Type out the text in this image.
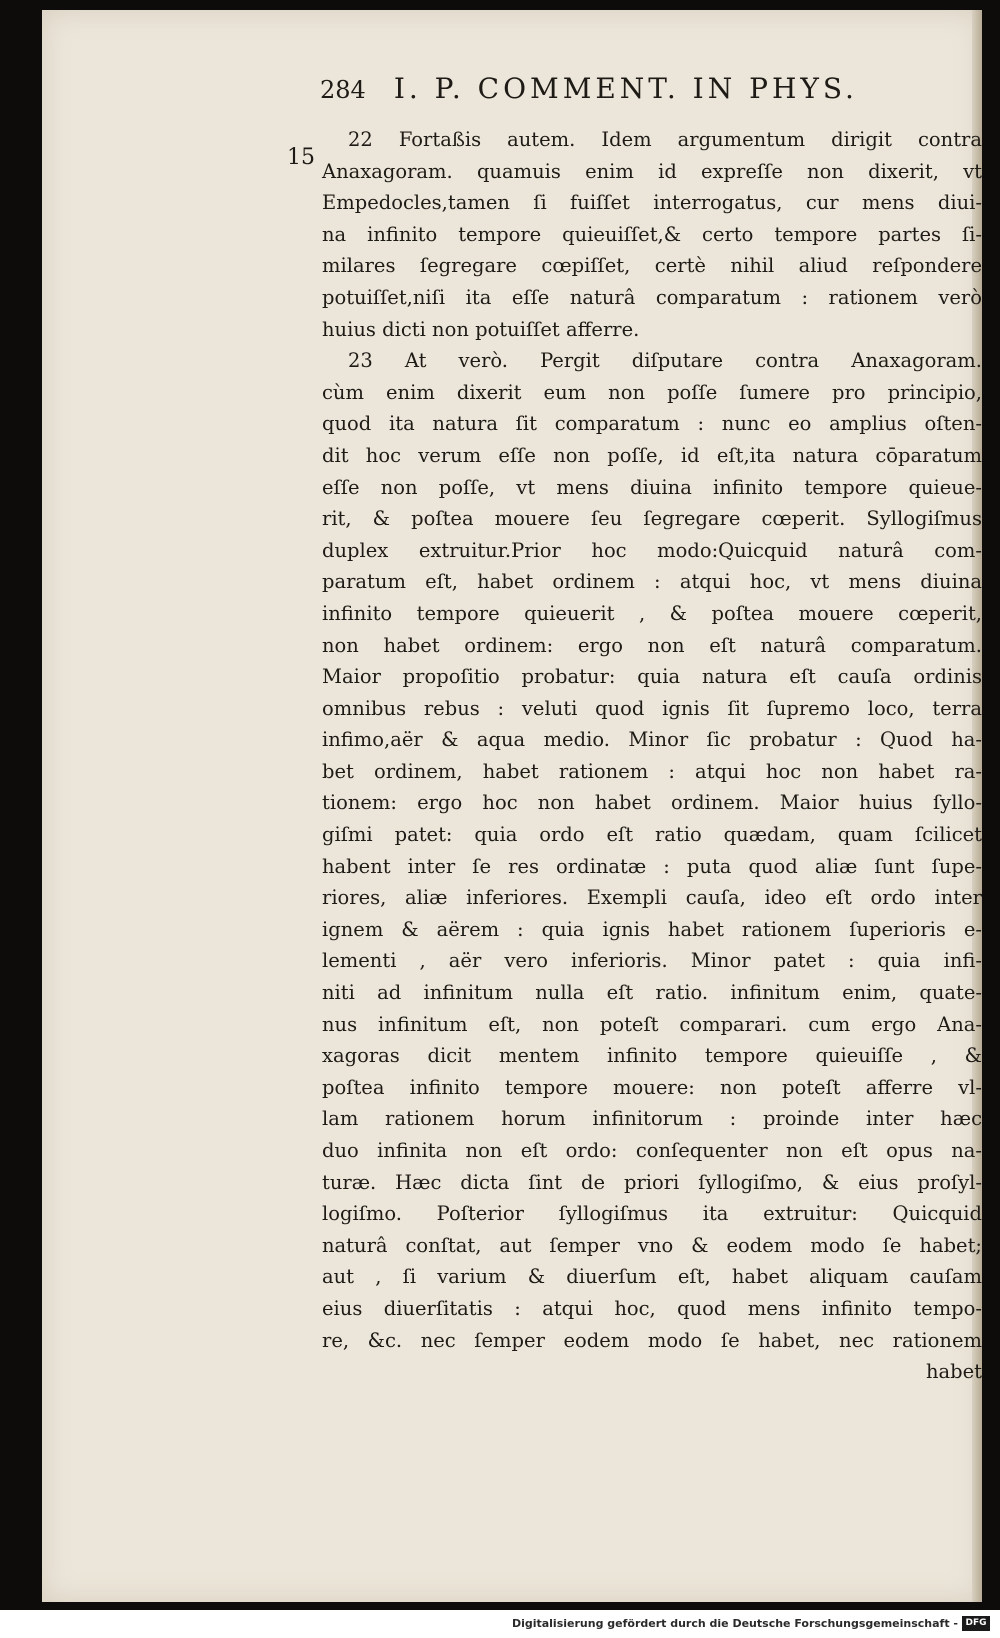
284 I. P. COMMENT. IN PHYS.
15
22 Fortaßis autem. Idem argumentum dirigit contra
Anaxagoram. quamuis enim id expreſſe non dixerit, vt
Empedocles,tamen ſi fuiſſet interrogatus, cur mens diui-
na infinito tempore quieuiſſet,& certo tempore partes ſi-
milares ſegregare cœpiſſet, certè nihil aliud reſpondere
potuiſſet,niſi ita eſſe naturâ comparatum : rationem verò
huius dicti non potuiſſet afferre.
23 At verò. Pergit diſputare contra Anaxagoram.
cùm enim dixerit eum non poſſe ſumere pro principio,
quod ita natura ſit comparatum : nunc eo amplius oſten-
dit hoc verum eſſe non poſſe, id eſt,ita natura cōparatum
eſſe non poſſe, vt mens diuina infinito tempore quieue-
rit, & poſtea mouere ſeu ſegregare cœperit. Syllogiſmus
duplex extruitur.Prior hoc modo:Quicquid naturâ com-
paratum eſt, habet ordinem : atqui hoc, vt mens diuina
infinito tempore quieuerit , & poſtea mouere cœperit,
non habet ordinem: ergo non eſt naturâ comparatum.
Maior propoſitio probatur: quia natura eſt cauſa ordinis
omnibus rebus : veluti quod ignis ſit ſupremo loco, terra
infimo,aër & aqua medio. Minor ſic probatur : Quod ha-
bet ordinem, habet rationem : atqui hoc non habet ra-
tionem: ergo hoc non habet ordinem. Maior huius ſyllo-
giſmi patet: quia ordo eſt ratio quædam, quam ſcilicet
habent inter ſe res ordinatæ : puta quod aliæ ſunt ſupe-
riores, aliæ inferiores. Exempli cauſa, ideo eſt ordo inter
ignem & aërem : quia ignis habet rationem ſuperioris e-
lementi , aër vero inferioris. Minor patet : quia infi-
niti ad infinitum nulla eſt ratio. infinitum enim, quate-
nus infinitum eſt, non poteſt comparari. cum ergo Ana-
xagoras dicit mentem infinito tempore quieuiſſe , &
poſtea infinito tempore mouere: non poteſt afferre vl-
lam rationem horum infinitorum : proinde inter hæc
duo infinita non eſt ordo: conſequenter non eſt opus na-
turæ. Hæc dicta ſint de priori ſyllogiſmo, & eius proſyl-
logiſmo. Poſterior ſyllogiſmus ita extruitur: Quicquid
naturâ conſtat, aut ſemper vno & eodem modo ſe habet;
aut , ſi varium & diuerſum eſt, habet aliquam cauſam
eius diuerſitatis : atqui hoc, quod mens infinito tempo-
re, &c. nec ſemper eodem modo ſe habet, nec rationem
habet
Digitalisierung gefördert durch die Deutsche Forschungsgemeinschaft - DFG
